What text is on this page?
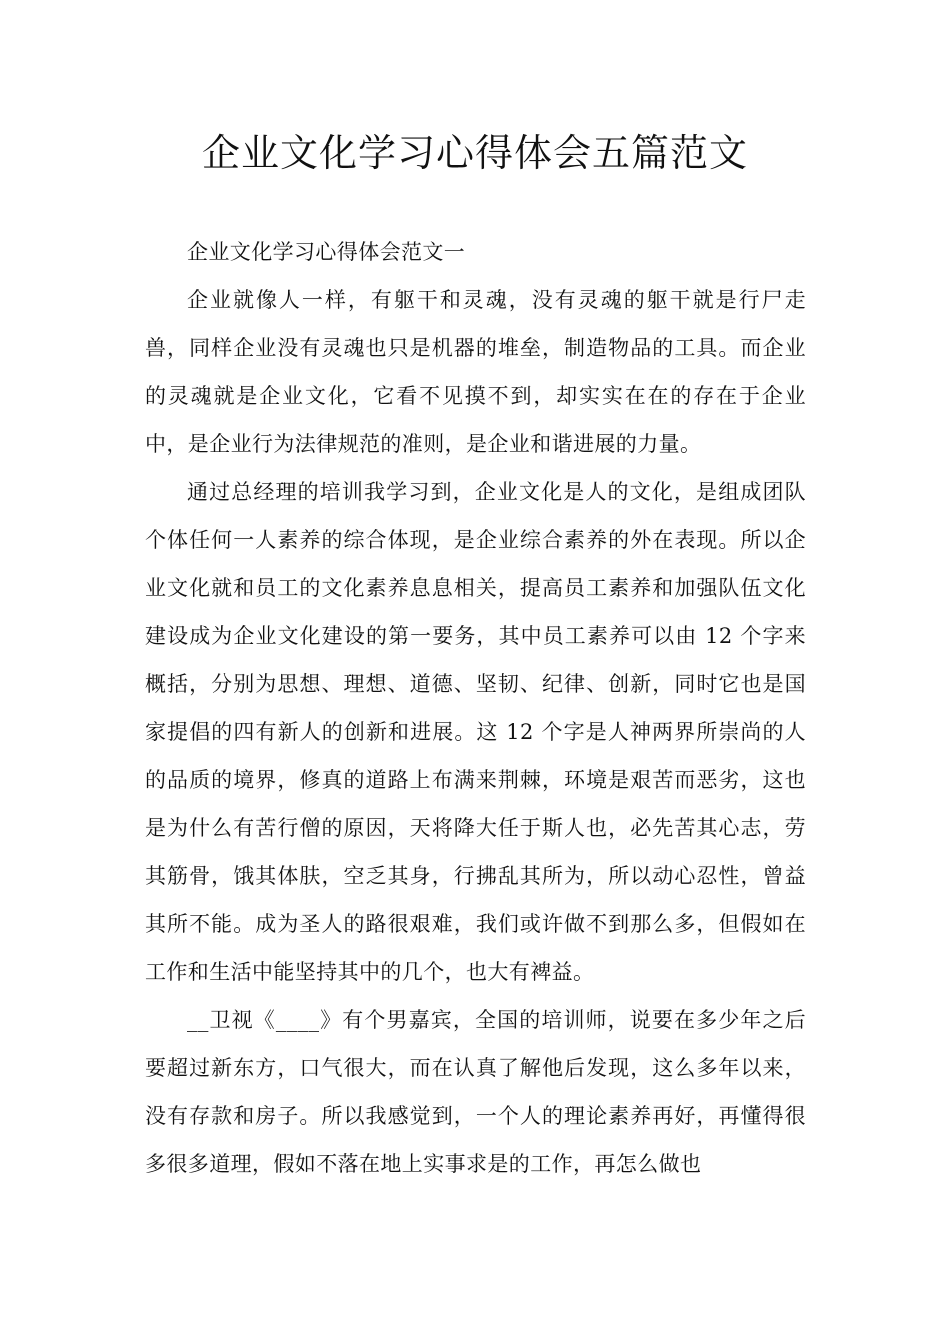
企业文化学习心得体会五篇范文

企业文化学习心得体会范文一

企业就像人一样，有躯干和灵魂，没有灵魂的躯干就是行尸走兽，同样企业没有灵魂也只是机器的堆垒，制造物品的工具。而企业的灵魂就是企业文化，它看不见摸不到，却实实在在的存在于企业中，是企业行为法律规范的准则，是企业和谐进展的力量。

通过总经理的培训我学习到，企业文化是人的文化，是组成团队个体任何一人素养的综合体现，是企业综合素养的外在表现。所以企业文化就和员工的文化素养息息相关，提高员工素养和加强队伍文化建设成为企业文化建设的第一要务，其中员工素养可以由 12 个字来概括，分别为思想、理想、道德、坚韧、纪律、创新，同时它也是国家提倡的四有新人的创新和进展。这 12 个字是人神两界所崇尚的人的品质的境界，修真的道路上布满来荆棘，环境是艰苦而恶劣，这也是为什么有苦行僧的原因，天将降大任于斯人也，必先苦其心志，劳其筋骨，饿其体肤，空乏其身，行拂乱其所为，所以动心忍性，曾益其所不能。成为圣人的路很艰难，我们或许做不到那么多，但假如在工作和生活中能坚持其中的几个，也大有裨益。

__卫视《____》有个男嘉宾，全国的培训师，说要在多少年之后要超过新东方，口气很大，而在认真了解他后发现，这么多年以来，没有存款和房子。所以我感觉到，一个人的理论素养再好，再懂得很多很多道理，假如不落在地上实事求是的工作，再怎么做也
